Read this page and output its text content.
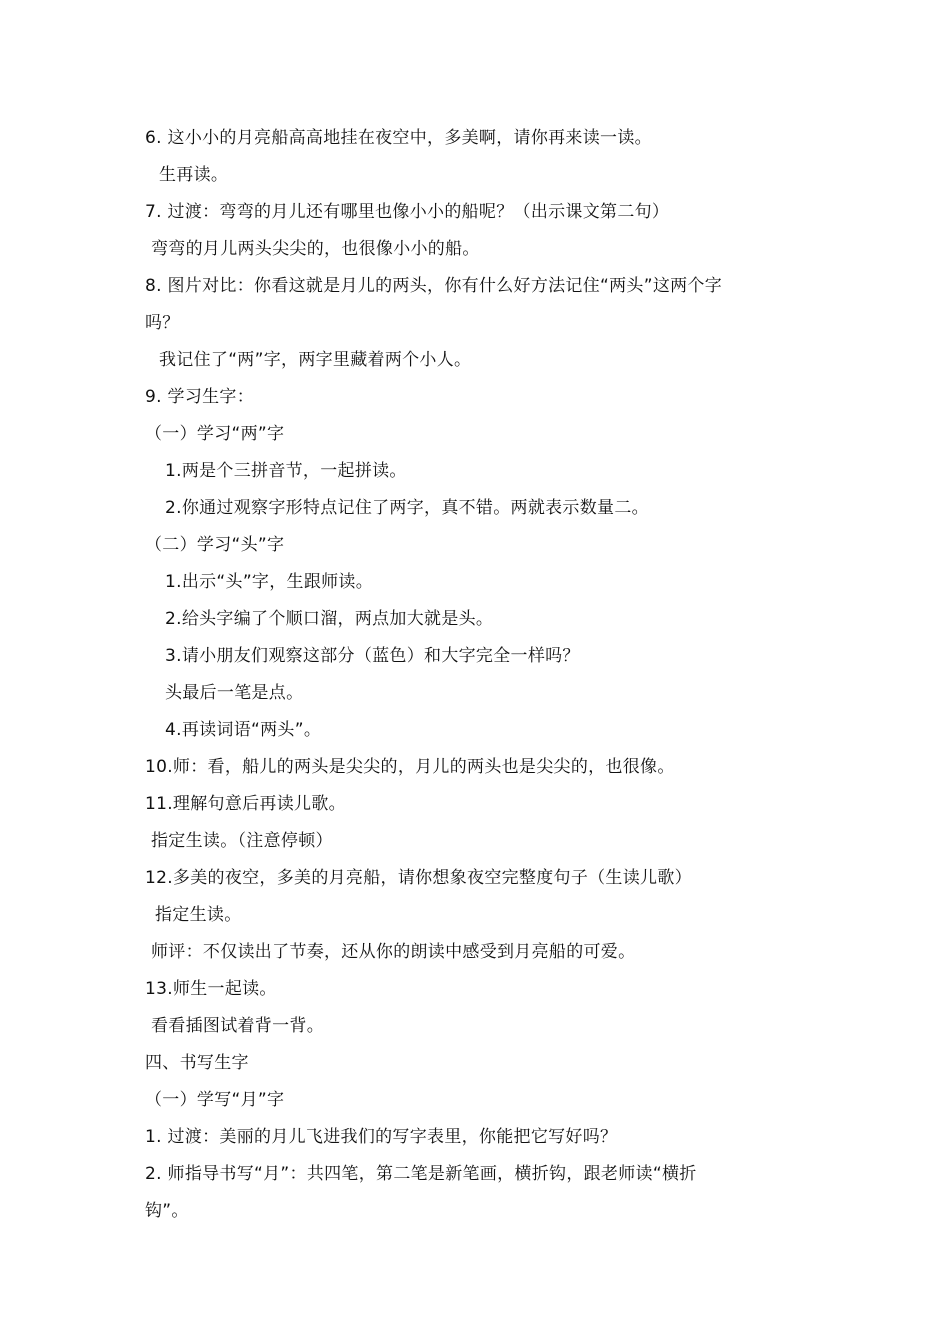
6. 这小小的月亮船高高地挂在夜空中，多美啊，请你再来读一读。
生再读。
7. 过渡：弯弯的月儿还有哪里也像小小的船呢？（出示课文第二句）
弯弯的月儿两头尖尖的，也很像小小的船。
8. 图片对比：你看这就是月儿的两头，你有什么好方法记住“两头”这两个字
吗？
我记住了“两”字，两字里藏着两个小人。
9. 学习生字：
（一）学习“两”字
1.两是个三拼音节，一起拼读。
2.你通过观察字形特点记住了两字，真不错。两就表示数量二。
（二）学习“头”字
1.出示“头”字，生跟师读。
2.给头字编了个顺口溜，两点加大就是头。
3.请小朋友们观察这部分（蓝色）和大字完全一样吗？
头最后一笔是点。
4.再读词语“两头”。
10.师：看，船儿的两头是尖尖的，月儿的两头也是尖尖的，也很像。
11.理解句意后再读儿歌。
指定生读。（注意停顿）
12.多美的夜空，多美的月亮船，请你想象夜空完整度句子（生读儿歌）
指定生读。
师评：不仅读出了节奏，还从你的朗读中感受到月亮船的可爱。
13.师生一起读。
看看插图试着背一背。
四、书写生字
（一）学写“月”字
1. 过渡：美丽的月儿飞进我们的写字表里，你能把它写好吗？
2. 师指导书写“月”：共四笔，第二笔是新笔画，横折钩，跟老师读“横折
钩”。
